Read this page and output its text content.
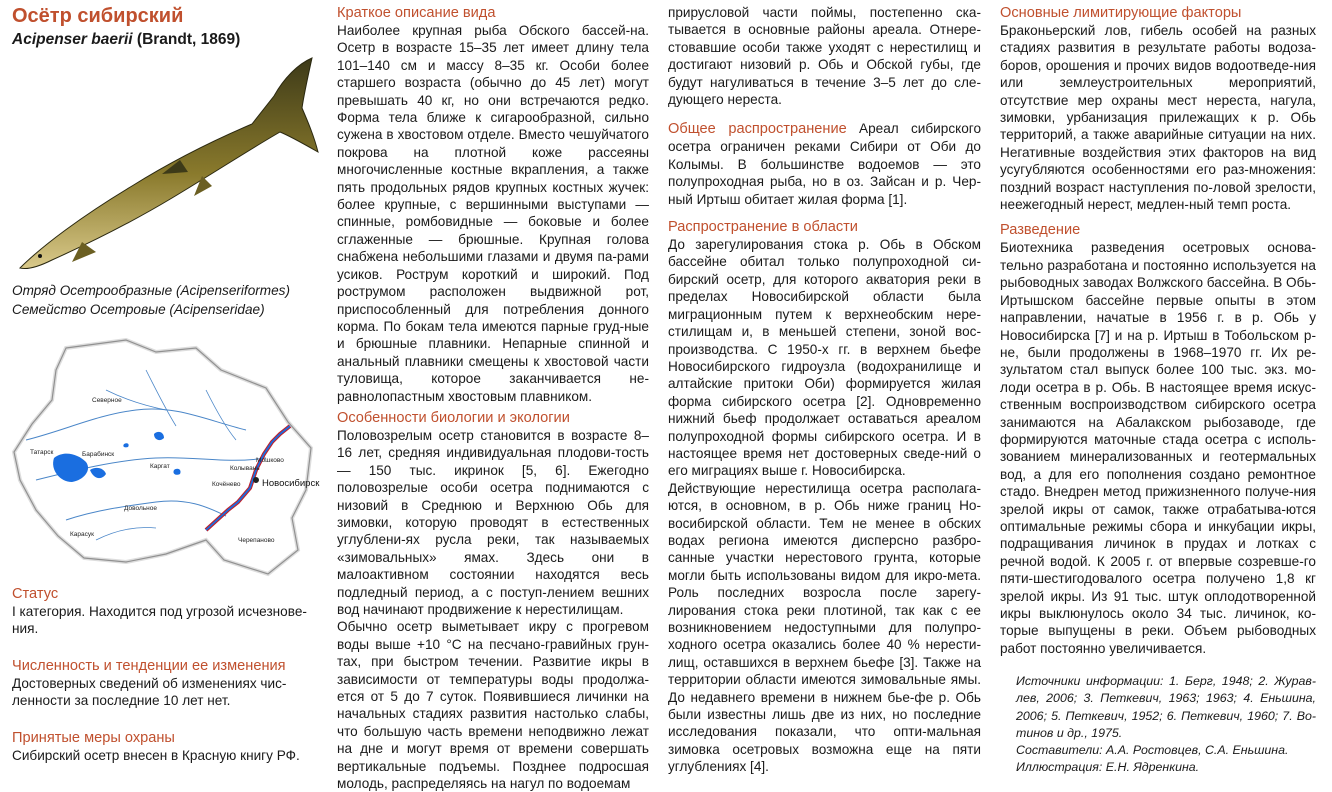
Осётр сибирский
Acipenser baerii (Brandt, 1869)
Отряд Осетрообразные (Acipenseriformes)
Семейство Осетровые (Acipenseridae)
Северное
Татарск	Барабинск
Каргат	Колывань
Мошково
Кочёнево
Довольное
Карасук
Черепаново
Новосибирск
Статус

I категория. Находится под угрозой исчезнове-ния.

Численность и тенденции ее изменения

Достоверных сведений об изменениях чис-ленности за последние 10 лет нет.

Принятые меры охраны

Сибирский осетр внесен в Красную книгу РФ.

Краткое описание вида

Наиболее крупная рыба Обского бассей-на. Осетр в возрасте 15–35 лет имеет длину тела 101–140 см и массу 8–35 кг. Особи более старшего возраста (обычно до 45 лет) могут превышать 40 кг, но они встречаются редко. Форма тела ближе к сигарообразной, сильно сужена в хвостовом отделе. Вместо чешуйчатого покрова на плотной коже рассеяны многочисленные костные вкрапления, а также пять продольных рядов крупных костных жучек: более крупные, с вершинными выступами — спинные, ромбовидные — боковые и более сглаженные — брюшные. Крупная голова снабжена небольшими глазами и двумя па-рами усиков. Рострум короткий и широкий. Под рострумом расположен выдвижной рот, приспособленный для потребления донного корма. По бокам тела имеются парные груд-ные и брюшные плавники. Непарные спинной и анальный плавники смещены к хвостовой части туловища, которое заканчивается не-равнолопастным хвостовым плавником.

Особенности биологии и экологии

Половозрелым осетр становится в возрасте 8–16 лет, средняя индивидуальная плодови-тость — 150 тыс. икринок [5, 6]. Ежегодно половозрелые особи осетра поднимаются с низовий в Среднюю и Верхнюю Обь для зимовки, которую проводят в естественных углублени-ях русла реки, так называемых «зимовальных» ямах. Здесь они в малоактивном состоянии находятся весь подледный период, а с поступ-лением вешних вод начинают продвижение к нерестилищам.

Обычно осетр выметывает икру с прогревом воды выше +10 °С на песчано-гравийных грун-тах, при быстром течении. Развитие икры в зависимости от температуры воды продолжа-ется от 5 до 7 суток. Появившиеся личинки на начальных стадиях развития настолько слабы, что большую часть времени неподвижно лежат на дне и могут время от времени совершать вертикальные подъемы. Позднее подросшая молодь, распределяясь на нагул по водоемам

прирусловой части поймы, постепенно ска-тывается в основные районы ареала. Отнере-стовавшие особи также уходят с нерестилищ и достигают низовий р. Обь и Обской губы, где будут нагуливаться в течение 3–5 лет до сле-дующего нереста.

Общее распространение Ареал сибирского осетра ограничен реками Сибири от Оби до Колымы. В большинстве водоемов — это полупроходная рыба, но в оз. Зайсан и р. Чер-ный Иртыш обитает жилая форма [1].

Распространение в области

До зарегулирования стока р. Обь в Обском бассейне обитал только полупроходной си-бирский осетр, для которого акватория реки в пределах Новосибирской области была миграционным путем к верхнеобским нере-стилищам и, в меньшей степени, зоной вос-производства. С 1950-х гг. в верхнем бьефе Новосибирского гидроузла (водохранилище и алтайские притоки Оби) формируется жилая форма сибирского осетра [2]. Одновременно нижний бьеф продолжает оставаться ареалом полупроходной формы сибирского осетра. И в настоящее время нет достоверных сведе-ний о его миграциях выше г. Новосибирска.

Действующие нерестилища осетра располага-ются, в основном, в р. Обь ниже границ Но-восибирской области. Тем не менее в обских водах региона имеются дисперсно разбро-санные участки нерестового грунта, которые могли быть использованы видом для икро-мета. Роль последних возросла после зарегу-лирования стока реки плотиной, так как с ее возникновением недоступными для полупро-ходного осетра оказались более 40 % нерести-лищ, оставшихся в верхнем бьефе [3]. Также на территории области имеются зимовальные ямы. До недавнего времени в нижнем бье-фе р. Обь были известны лишь две из них, но последние исследования показали, что опти-мальная зимовка осетровых возможна еще на пяти углублениях [4].

Основные лимитирующие факторы

Браконьерский лов, гибель особей на разных стадиях развития в результате работы водоза-боров, орошения и прочих видов водоотведе-ния или землеустроительных мероприятий, отсутствие мер охраны мест нереста, нагула, зимовки, урбанизация прилежащих к р. Обь территорий, а также аварийные ситуации на них. Негативные воздействия этих факторов на вид усугубляются особенностями его раз-множения: поздний возраст наступления по-ловой зрелости, неежегодный нерест, медлен-ный темп роста.

Разведение

Биотехника разведения осетровых основа-тельно разработана и постоянно используется на рыбоводных заводах Волжского бассейна. В Обь-Иртышском бассейне первые опыты в этом направлении, начатые в 1956 г. в р. Обь у Новосибирска [7] и на р. Иртыш в Тобольском р-не, были продолжены в 1968–1970 гг. Их ре-зультатом стал выпуск более 100 тыс. экз. мо-лоди осетра в р. Обь. В настоящее время искус-ственным воспроизводством сибирского осетра занимаются на Абалакском рыбозаводе, где формируются маточные стада осетра с исполь-зованием минерализованных и геотермальных вод, а для его пополнения создано ремонтное стадо. Внедрен метод прижизненного получе-ния зрелой икры от самок, также отрабатыва-ются оптимальные режимы сбора и инкубации икры, подращивания личинок в прудах и лотках с речной водой. К 2005 г. от впервые созревше-го пяти-шестигодовалого осетра получено 1,8 кг зрелой икры. Из 91 тыс. штук оплодотворенной икры выклюнулось около 34 тыс. личинок, ко-торые выпущены в реки. Объем рыбоводных работ постоянно увеличивается.

Источники информации: 1. Берг, 1948; 2. Журав-лев, 2006; 3. Петкевич, 1963; 1963; 4. Еньшина, 2006; 5. Петкевич, 1952; 6. Петкевич, 1960; 7. Во-тинов и др., 1975.

Составители: А.А. Ростовцев, С.А. Еньшина.

Иллюстрация: Е.Н. Ядренкина.
